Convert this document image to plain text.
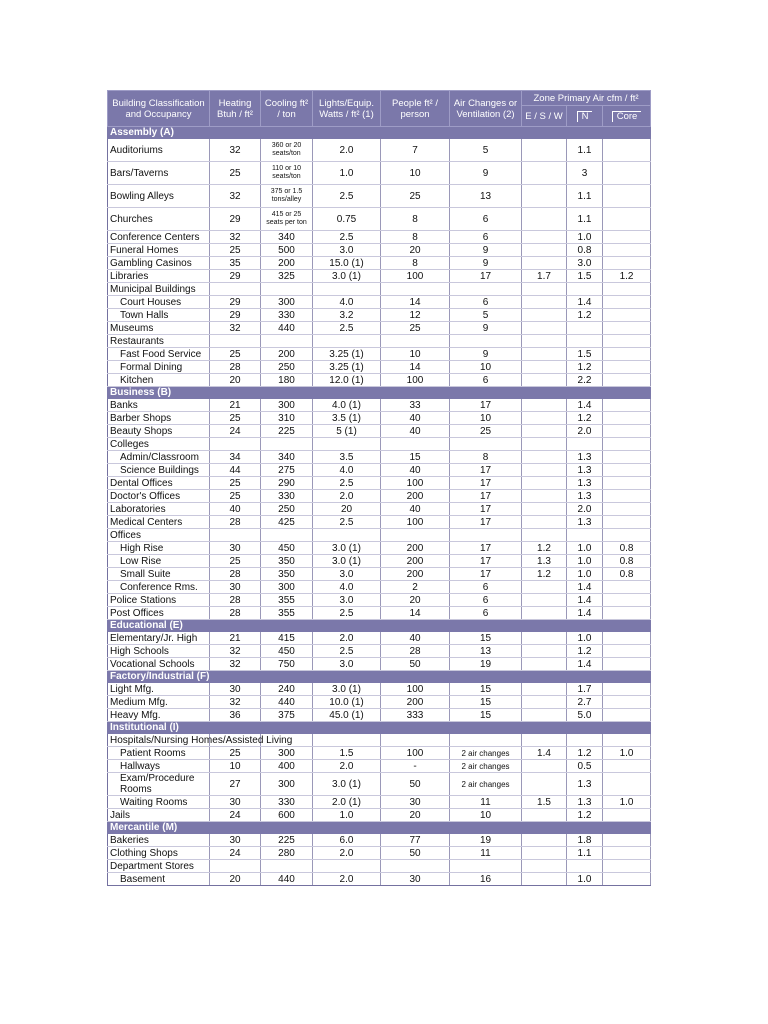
Building Classification and Occupancy	Heating Btuh / ft²	Cooling ft² / ton	Lights/Equip. Watts / ft² (1)	People ft² / person	Air Changes or Ventilation (2)	Zone Primary Air cfm / ft²		
						E / S / W	N	Core
Assembly (A)								
Auditoriums	32	360 or 20 seats/ton	2.0	7	5		1.1	
Bars/Taverns	25	110 or 10 seats/ton	1.0	10	9		3	
Bowling Alleys	32	375 or 1.5 tons/alley	2.5	25	13		1.1	
Churches	29	415 or 25 seats per ton	0.75	8	6		1.1	
Conference Centers	32	340	2.5	8	6		1.0	
Funeral Homes	25	500	3.0	20	9		0.8	
Gambling Casinos	35	200	15.0 (1)	8	9		3.0	
Libraries	29	325	3.0 (1)	100	17	1.7	1.5	1.2
Municipal Buildings								
Court Houses	29	300	4.0	14	6		1.4	
Town Halls	29	330	3.2	12	5		1.2	
Museums	32	440	2.5	25	9			
Restaurants								
Fast Food Service	25	200	3.25 (1)	10	9		1.5	
Formal Dining	28	250	3.25 (1)	14	10		1.2	
Kitchen	20	180	12.0 (1)	100	6		2.2	
Business (B)								
Banks	21	300	4.0 (1)	33	17		1.4	
Barber Shops	25	310	3.5 (1)	40	10		1.2	
Beauty Shops	24	225	5 (1)	40	25		2.0	
Colleges								
Admin/Classroom	34	340	3.5	15	8		1.3	
Science Buildings	44	275	4.0	40	17		1.3	
Dental Offices	25	290	2.5	100	17		1.3	
Doctor's Offices	25	330	2.0	200	17		1.3	
Laboratories	40	250	20	40	17		2.0	
Medical Centers	28	425	2.5	100	17		1.3	
Offices								
High Rise	30	450	3.0 (1)	200	17	1.2	1.0	0.8
Low Rise	25	350	3.0 (1)	200	17	1.3	1.0	0.8
Small Suite	28	350	3.0	200	17	1.2	1.0	0.8
Conference Rms.	30	300	4.0	2	6		1.4	
Police Stations	28	355	3.0	20	6		1.4	
Post Offices	28	355	2.5	14	6		1.4	
Educational (E)								
Elementary/Jr. High	21	415	2.0	40	15		1.0	
High Schools	32	450	2.5	28	13		1.2	
Vocational Schools	32	750	3.0	50	19		1.4	
Factory/Industrial (F)								
Light Mfg.	30	240	3.0 (1)	100	15		1.7	
Medium Mfg.	32	440	10.0 (1)	200	15		2.7	
Heavy Mfg.	36	375	45.0 (1)	333	15		5.0	
Institutional (I)								
Hospitals/Nursing Homes/Assisted Living								
Patient Rooms	25	300	1.5	100	2 air changes	1.4	1.2	1.0
Hallways	10	400	2.0	-	2 air changes		0.5	
Exam/Procedure Rooms	27	300	3.0 (1)	50	2 air changes		1.3	
Waiting Rooms	30	330	2.0 (1)	30	11	1.5	1.3	1.0
Jails	24	600	1.0	20	10		1.2	
Mercantile (M)								
Bakeries	30	225	6.0	77	19		1.8	
Clothing Shops	24	280	2.0	50	11		1.1	
Department Stores								
Basement	20	440	2.0	30	16		1.0	
